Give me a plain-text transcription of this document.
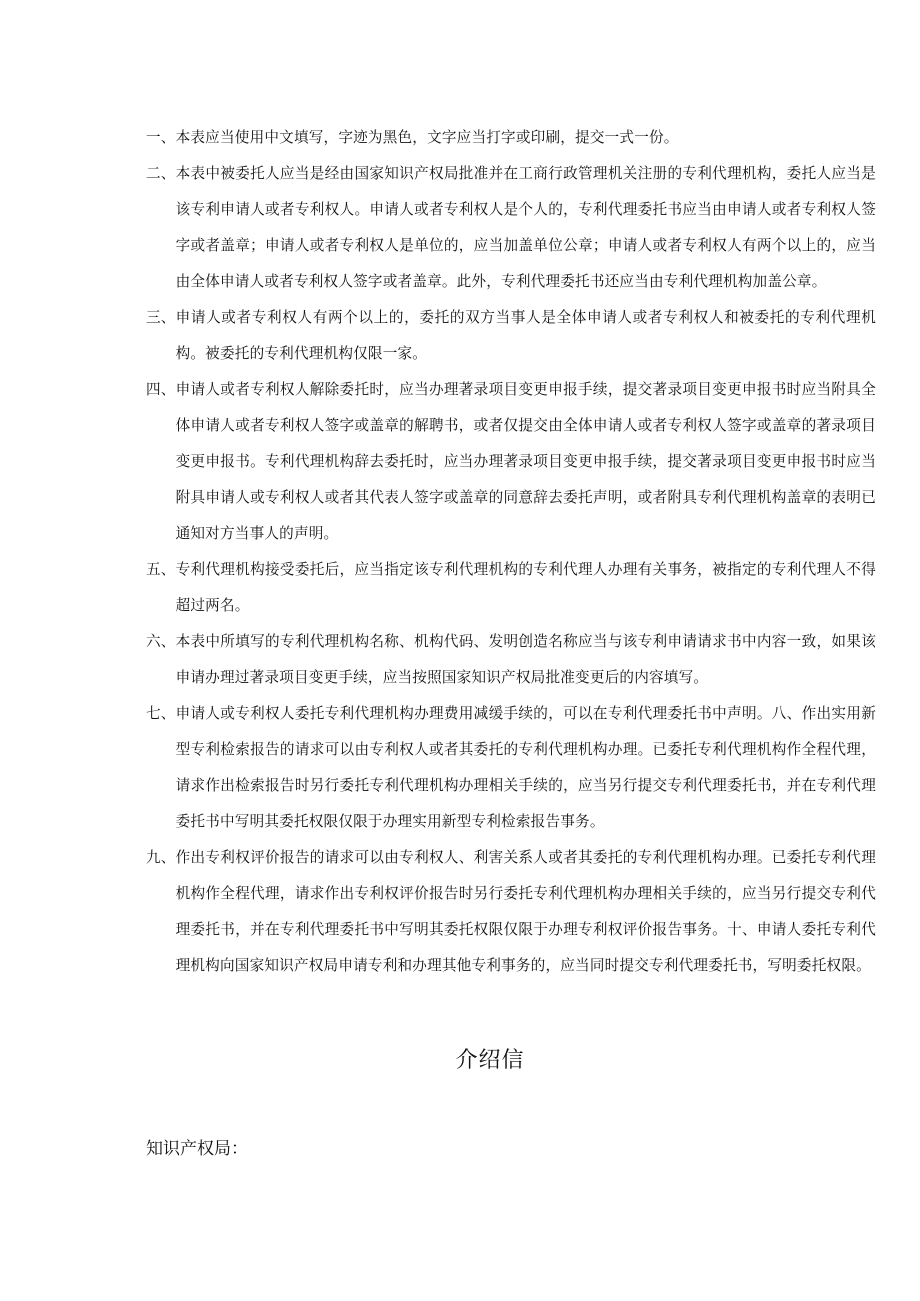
一、 本表应当使用中文填写，字迹为黑色，文字应当打字或印刷，提交一式一份。
二、 本表中被委托人应当是经由国家知识产权局批准并在工商行政管理机关注册的专利代理机构，委托人应当是该专利申请人或者专利权人。申请人或者专利权人是个人的，专利代理委托书应当由申请人或者专利权人签字或者盖章；申请人或者专利权人是单位的，应当加盖单位公章；申请人或者专利权人有两个以上的，应当由全体申请人或者专利权人签字或者盖章。此外，专利代理委托书还应当由专利代理机构加盖公章。
三、 申请人或者专利权人有两个以上的，委托的双方当事人是全体申请人或者专利权人和被委托的专利代理机构。被委托的专利代理机构仅限一家。
四、 申请人或者专利权人解除委托时，应当办理著录项目变更申报手续，提交著录项目变更申报书时应当附具全体申请人或者专利权人签字或盖章的解聘书，或者仅提交由全体申请人或者专利权人签字或盖章的著录项目变更申报书。专利代理机构辞去委托时，应当办理著录项目变更申报手续，提交著录项目变更申报书时应当附具申请人或专利权人或者其代表人签字或盖章的同意辞去委托声明，或者附具专利代理机构盖章的表明已通知对方当事人的声明。
五、 专利代理机构接受委托后，应当指定该专利代理机构的专利代理人办理有关事务，被指定的专利代理人不得超过两名。
六、 本表中所填写的专利代理机构名称、机构代码、发明创造名称应当与该专利申请请求书中内容一致，如果该申请办理过著录项目变更手续，应当按照国家知识产权局批准变更后的内容填写。
七、 申请人或专利权人委托专利代理机构办理费用减缓手续的，可以在专利代理委托书中声明。八、作出实用新型专利检索报告的请求可以由专利权人或者其委托的专利代理机构办理。已委托专利代理机构作全程代理，请求作出检索报告时另行委托专利代理机构办理相关手续的，应当另行提交专利代理委托书，并在专利代理委托书中写明其委托权限仅限于办理实用新型专利检索报告事务。
九、 作出专利权评价报告的请求可以由专利权人、利害关系人或者其委托的专利代理机构办理。已委托专利代理机构作全程代理，请求作出专利权评价报告时另行委托专利代理机构办理相关手续的，应当另行提交专利代理委托书，并在专利代理委托书中写明其委托权限仅限于办理专利权评价报告事务。十、申请人委托专利代理机构向国家知识产权局申请专利和办理其他专利事务的，应当同时提交专利代理委托书，写明委托权限。
介绍信

知识产权局：
